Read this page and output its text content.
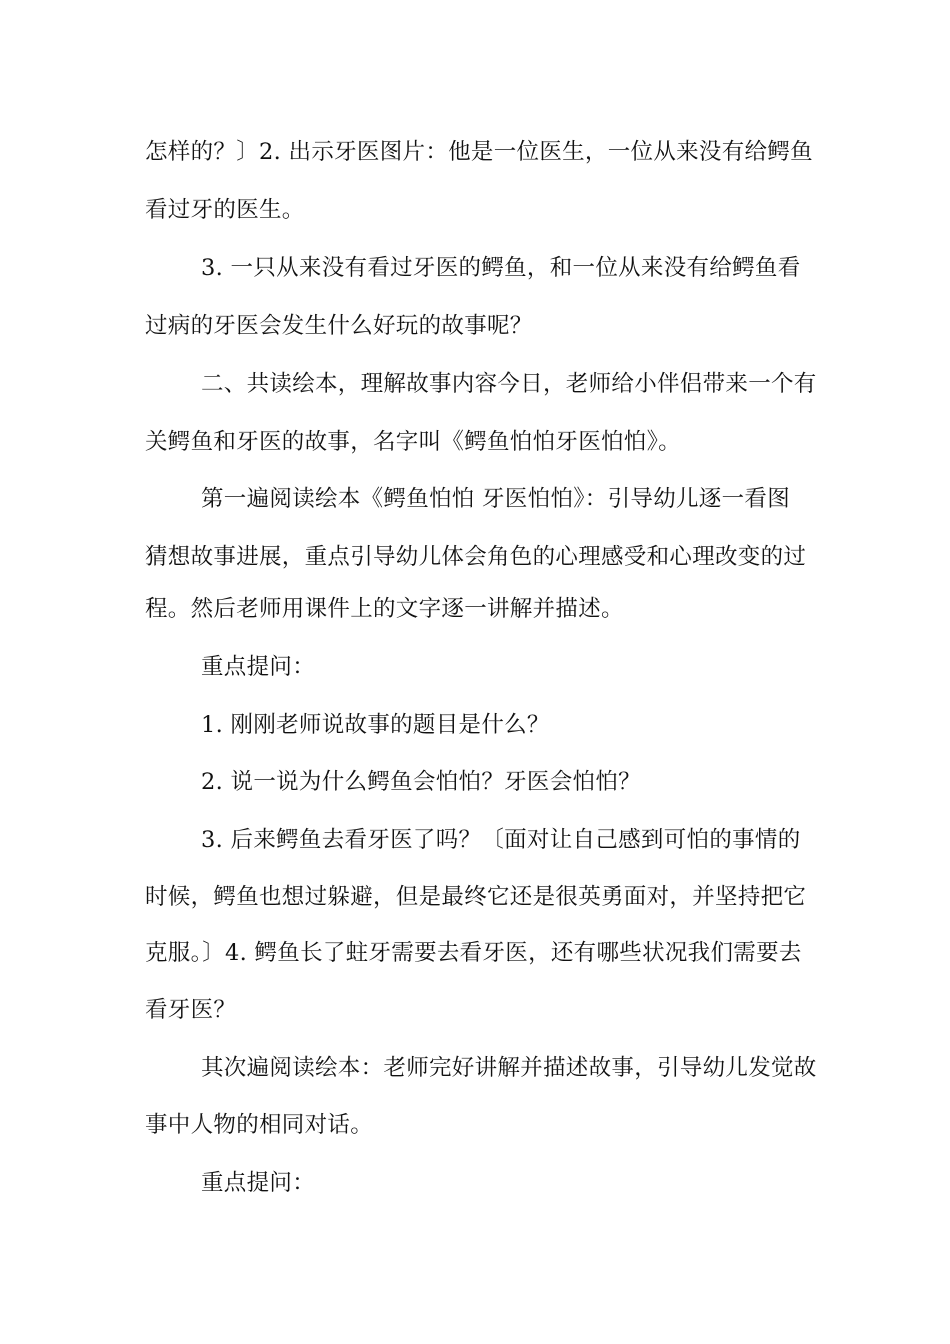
怎样的？〕2. 出示牙医图片：他是一位医生，一位从来没有给鳄鱼
看过牙的医生。
3. 一只从来没有看过牙医的鳄鱼，和一位从来没有给鳄鱼看
过病的牙医会发生什么好玩的故事呢？
二、共读绘本，理解故事内容今日，老师给小伴侣带来一个有
关鳄鱼和牙医的故事，名字叫《鳄鱼怕怕牙医怕怕》。
第一遍阅读绘本《鳄鱼怕怕 牙医怕怕》：引导幼儿逐一看图
猜想故事进展，重点引导幼儿体会角色的心理感受和心理改变的过
程。然后老师用课件上的文字逐一讲解并描述。
重点提问：
1. 刚刚老师说故事的题目是什么？
2. 说一说为什么鳄鱼会怕怕？牙医会怕怕？
3. 后来鳄鱼去看牙医了吗？〔面对让自己感到可怕的事情的
时候，鳄鱼也想过躲避，但是最终它还是很英勇面对，并坚持把它
克服。〕4. 鳄鱼长了蛀牙需要去看牙医，还有哪些状况我们需要去
看牙医？
其次遍阅读绘本：老师完好讲解并描述故事，引导幼儿发觉故
事中人物的相同对话。
重点提问：
